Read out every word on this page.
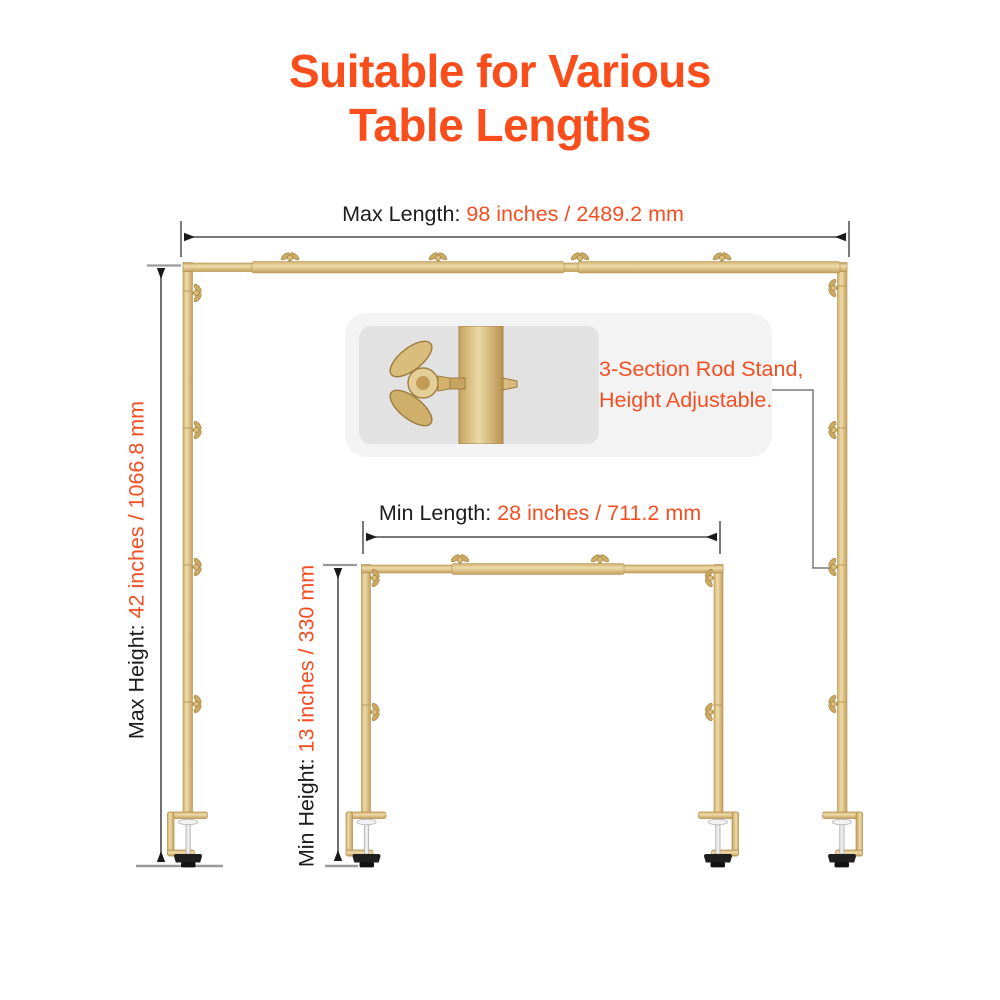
Suitable for Various
Table Lengths
Max Length: 98 inches / 2489.2 mm
Min Length: 28 inches / 711.2 mm
Max Height: 42 inches / 1066.8 mm
Min Height: 13 inches / 330 mm
3-Section Rod Stand,
Height Adjustable.
